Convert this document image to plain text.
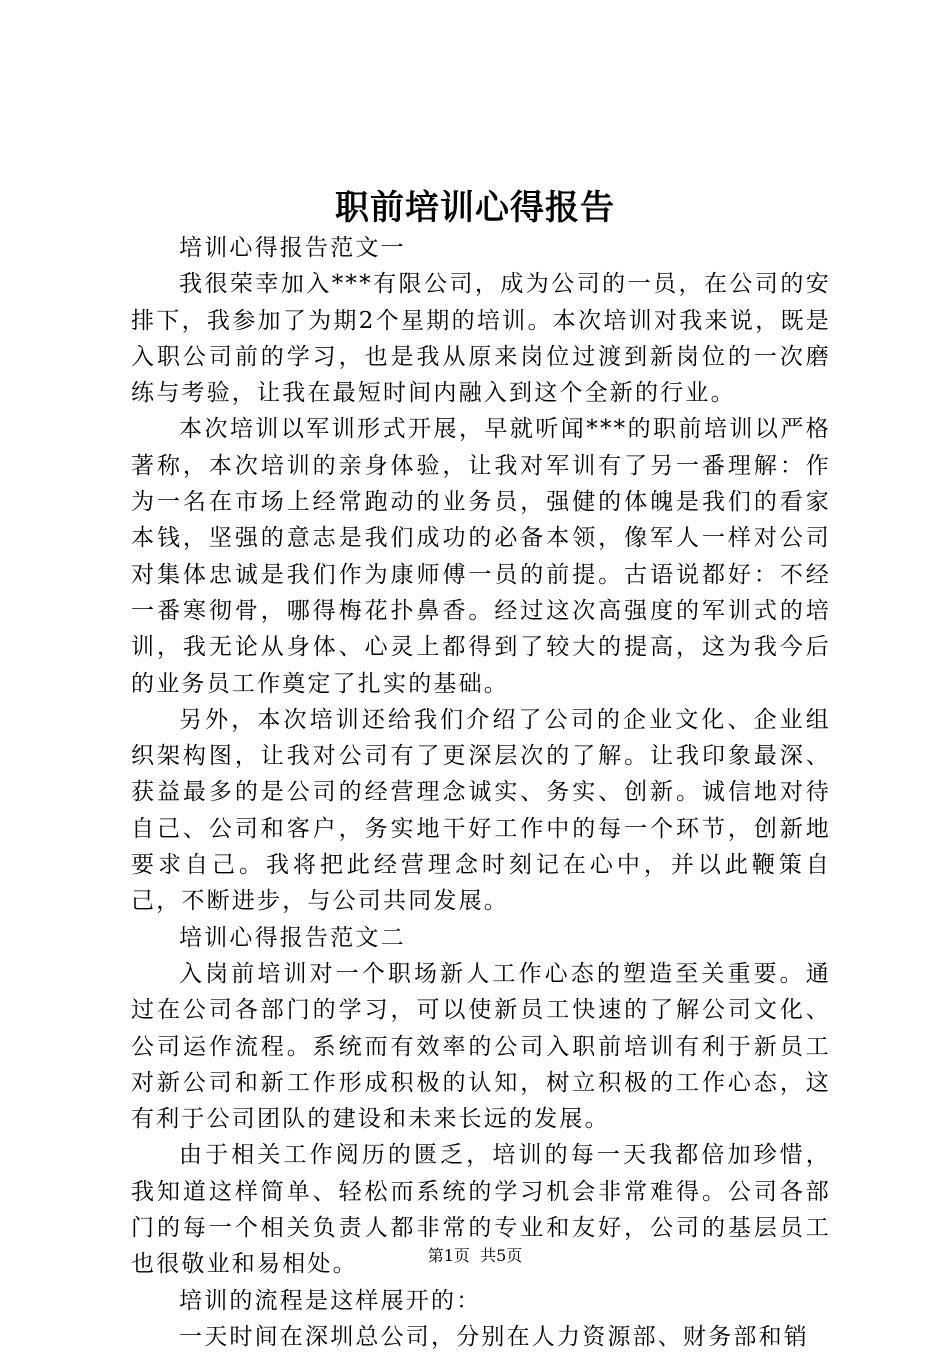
职前培训心得报告

培训心得报告范文一

我很荣幸加入***有限公司，成为公司的一员，在公司的安排下，我参加了为期2个星期的培训。本次培训对我来说，既是入职公司前的学习，也是我从原来岗位过渡到新岗位的一次磨练与考验，让我在最短时间内融入到这个全新的行业。

本次培训以军训形式开展，早就听闻***的职前培训以严格著称，本次培训的亲身体验，让我对军训有了另一番理解：作为一名在市场上经常跑动的业务员，强健的体魄是我们的看家本钱，坚强的意志是我们成功的必备本领，像军人一样对公司对集体忠诚是我们作为康师傅一员的前提。古语说都好：不经一番寒彻骨，哪得梅花扑鼻香。经过这次高强度的军训式的培训，我无论从身体、心灵上都得到了较大的提高，这为我今后的业务员工作奠定了扎实的基础。

另外，本次培训还给我们介绍了公司的企业文化、企业组织架构图，让我对公司有了更深层次的了解。让我印象最深、获益最多的是公司的经营理念诚实、务实、创新。诚信地对待自己、公司和客户，务实地干好工作中的每一个环节，创新地要求自己。我将把此经营理念时刻记在心中，并以此鞭策自己，不断进步，与公司共同发展。

培训心得报告范文二

入岗前培训对一个职场新人工作心态的塑造至关重要。通过在公司各部门的学习，可以使新员工快速的了解公司文化、公司运作流程。系统而有效率的公司入职前培训有利于新员工对新公司和新工作形成积极的认知，树立积极的工作心态，这有利于公司团队的建设和未来长远的发展。

由于相关工作阅历的匮乏，培训的每一天我都倍加珍惜，我知道这样简单、轻松而系统的学习机会非常难得。公司各部门的每一个相关负责人都非常的专业和友好，公司的基层员工也很敬业和易相处。

培训的流程是这样展开的：

一天时间在深圳总公司，分别在人力资源部、财务部和销

第1页 共5页
